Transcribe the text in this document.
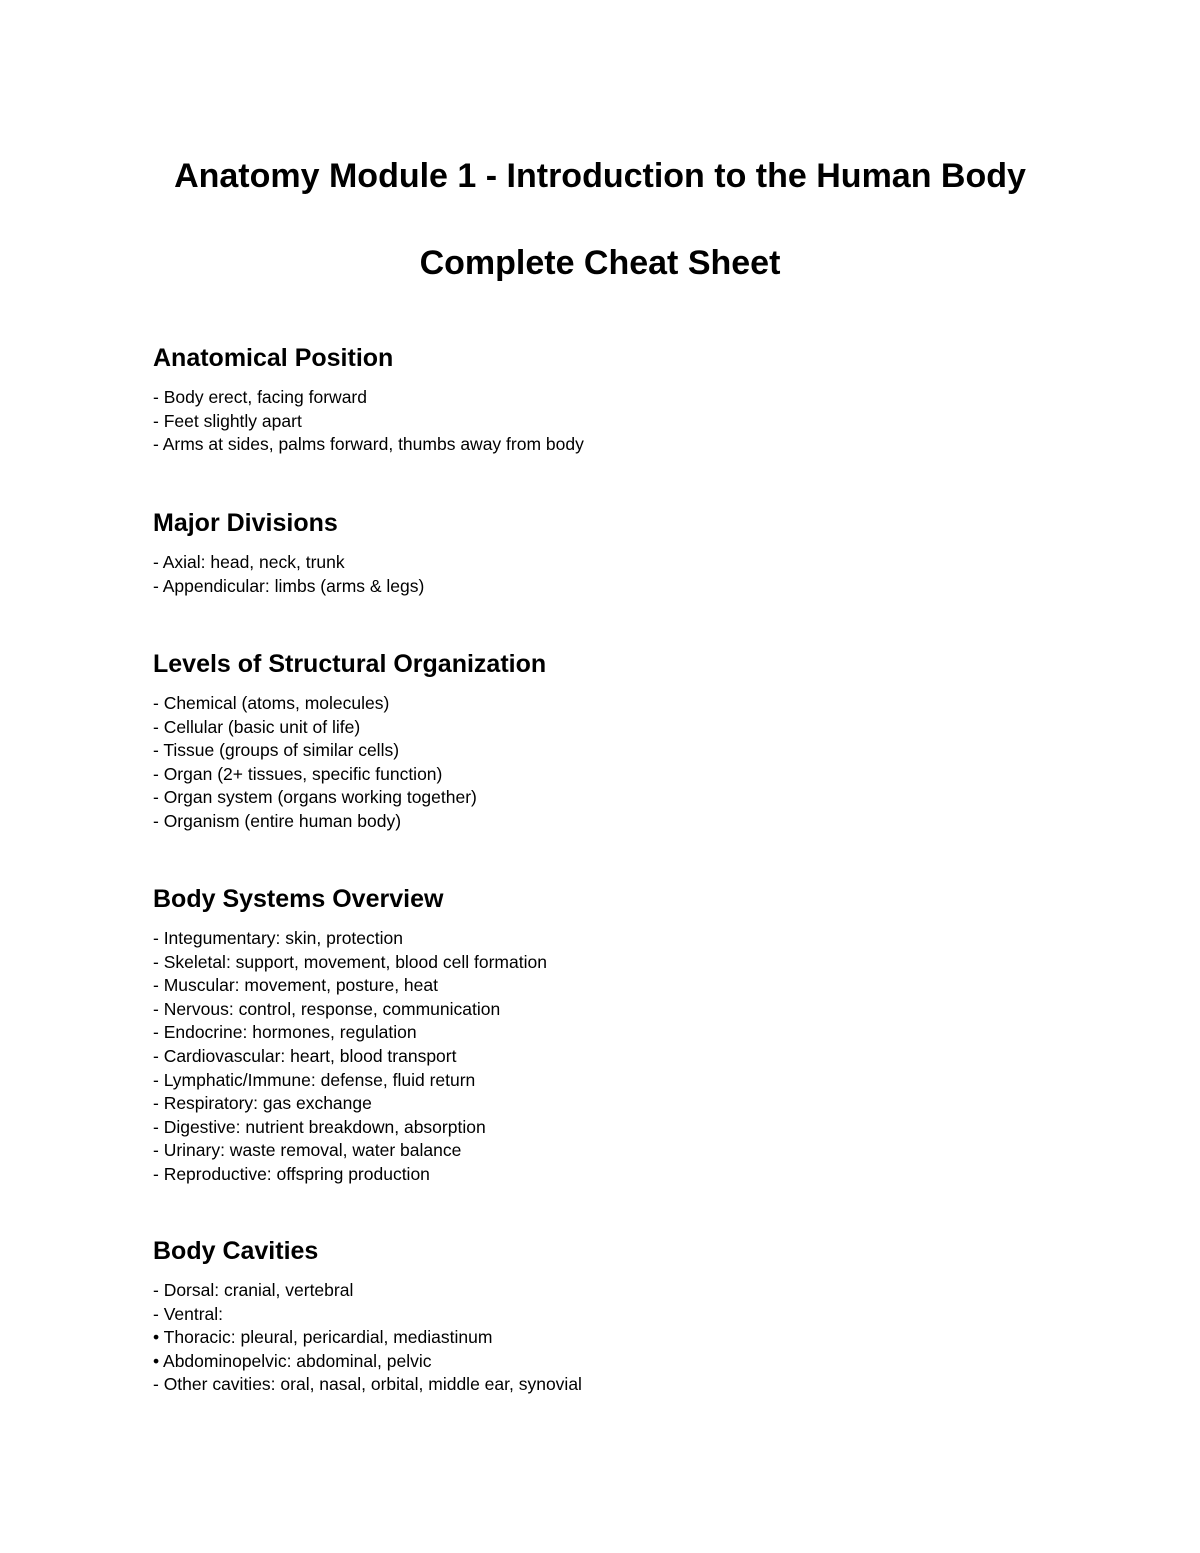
Anatomy Module 1 - Introduction to the Human Body
Complete Cheat Sheet
Anatomical Position
- Body erect, facing forward
- Feet slightly apart
- Arms at sides, palms forward, thumbs away from body
Major Divisions
- Axial: head, neck, trunk
- Appendicular: limbs (arms & legs)
Levels of Structural Organization
- Chemical (atoms, molecules)
- Cellular (basic unit of life)
- Tissue (groups of similar cells)
- Organ (2+ tissues, specific function)
- Organ system (organs working together)
- Organism (entire human body)
Body Systems Overview
- Integumentary: skin, protection
- Skeletal: support, movement, blood cell formation
- Muscular: movement, posture, heat
- Nervous: control, response, communication
- Endocrine: hormones, regulation
- Cardiovascular: heart, blood transport
- Lymphatic/Immune: defense, fluid return
- Respiratory: gas exchange
- Digestive: nutrient breakdown, absorption
- Urinary: waste removal, water balance
- Reproductive: offspring production
Body Cavities
- Dorsal: cranial, vertebral
- Ventral:
• Thoracic: pleural, pericardial, mediastinum
• Abdominopelvic: abdominal, pelvic
- Other cavities: oral, nasal, orbital, middle ear, synovial
